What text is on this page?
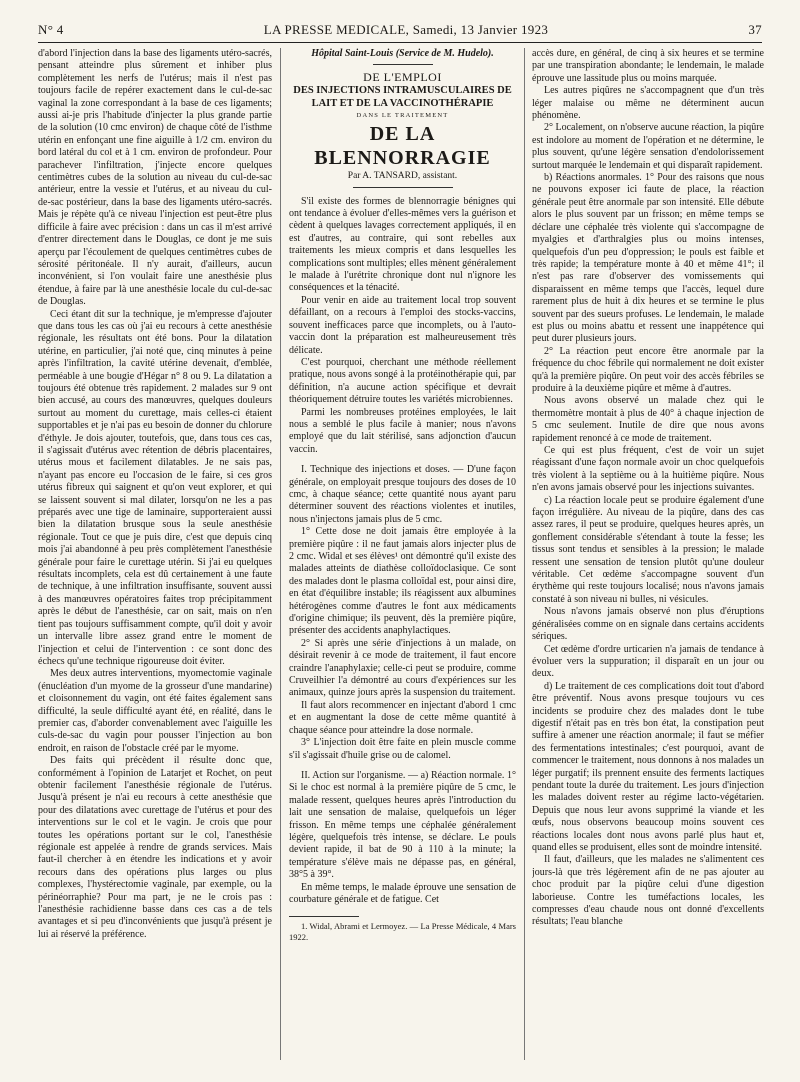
N° 4	LA PRESSE MEDICALE, Samedi, 13 Janvier 1923	37

d'abord l'injection dans la base des ligaments utéro-sacrés, pensant atteindre plus sûrement et inhiber plus complètement les nerfs de l'utérus; mais il n'est pas toujours facile de repérer exactement dans le cul-de-sac vaginal la zone correspondant à la base de ces ligaments; aussi ai-je pris l'habitude d'injecter la plus grande partie de la solution (10 cmc environ) de chaque côté de l'isthme utérin en enfonçant une fine aiguille à 1/2 cm. environ du bord latéral du col et à 1 cm. environ de profondeur. Pour parachever l'infiltration, j'injecte encore quelques centimètres cubes de la solution au niveau du cul-de-sac antérieur, entre la vessie et l'utérus, et au niveau du cul-de-sac postérieur, dans la base des ligaments utéro-sacrés. Mais je répète qu'à ce niveau l'injection est peut-être plus difficile à faire avec précision : dans un cas il m'est arrivé d'entrer directement dans le Douglas, ce dont je me suis aperçu par l'écoulement de quelques centimètres cubes de sérosité péritonéale. Il n'y aurait, d'ailleurs, aucun inconvénient, si l'on voulait faire une anesthésie plus étendue, à faire par là une anesthésie locale du cul-de-sac de Douglas.

Ceci étant dit sur la technique, je m'empresse d'ajouter que dans tous les cas où j'ai eu recours à cette anesthésie régionale, les résultats ont été bons. Pour la dilatation utérine, en particulier, j'ai noté que, cinq minutes à peine après l'infiltration, la cavité utérine devenait, d'emblée, perméable à une bougie d'Hégar n° 8 ou 9. La dilatation a toujours été obtenue très rapidement. 2 malades sur 9 ont bien accusé, au cours des manœuvres, quelques douleurs surtout au moment du curettage, mais celles-ci étaient supportables et je n'ai pas eu besoin de donner du chlorure d'éthyle. Je dois ajouter, toutefois, que, dans tous ces cas, il s'agissait d'utérus avec rétention de débris placentaires, utérus mous et facilement dilatables. Je ne sais pas, n'ayant pas encore eu l'occasion de le faire, si ces gros utérus fibreux qui saignent et qu'on veut explorer, et qui se laissent souvent si mal dilater, lorsqu'on ne les a pas préparés avec une tige de laminaire, supporteraient aussi bien la dilatation brusque sous la seule anesthésie régionale. Tout ce que je puis dire, c'est que depuis cinq mois j'ai abandonné à peu près complètement l'anesthésie générale pour faire le curettage utérin. Si j'ai eu quelques résultats incomplets, cela est dû certainement à une faute de technique, à une infiltration insuffisante, souvent aussi à des manœuvres opératoires faites trop précipitamment après le début de l'anesthésie, car on sait, mais on n'en tient pas toujours suffisamment compte, qu'il doit y avoir un intervalle libre assez grand entre le moment de l'injection et celui de l'intervention : ce sont donc des échecs qu'une technique rigoureuse doit éviter.

Mes deux autres interventions, myomectomie vaginale (énucléation d'un myome de la grosseur d'une mandarine) et cloisonnement du vagin, ont été faites également sans difficulté, la seule difficulté ayant été, en réalité, dans le premier cas, d'aborder convenablement avec l'aiguille les culs-de-sac du vagin pour pousser l'injection au bon endroit, en raison de l'obstacle créé par le myome.

Des faits qui précèdent il résulte donc que, conformément à l'opinion de Latarjet et Rochet, on peut obtenir facilement l'anesthésie régionale de l'utérus. Jusqu'à présent je n'ai eu recours à cette anesthésie que pour des dilatations avec curettage de l'utérus et pour des interventions sur le col et le vagin. Je crois que pour toutes les opérations portant sur le col, l'anesthésie régionale est appelée à rendre de grands services. Mais faut-il chercher à en étendre les indications et y avoir recours dans des opérations plus larges ou plus complexes, l'hystérectomie vaginale, par exemple, ou la périnéorraphie? Pour ma part, je ne le crois pas : l'anesthésie rachidienne basse dans ces cas a de tels avantages et si peu d'inconvénients que jusqu'à présent je lui ai réservé la préférence.

Hôpital Saint-Louis (Service de M. Hudelo).

DE L'EMPLOI

DES INJECTIONS INTRAMUSCULAIRES DE LAIT ET DE LA VACCINOTHÉRAPIE

DANS LE TRAITEMENT

DE LA BLENNORRAGIE

Par A. TANSARD, assistant.

S'il existe des formes de blennorragie bénignes qui ont tendance à évoluer d'elles-mêmes vers la guérison et cèdent à quelques lavages correctement appliqués, il en est d'autres, au contraire, qui sont rebelles aux traitements les mieux compris et dans lesquelles les complications sont multiples; elles mènent généralement le malade à l'urétrite chronique dont nul n'ignore les conséquences et la ténacité.

Pour venir en aide au traitement local trop souvent défaillant, on a recours à l'emploi des stocks-vaccins, souvent inefficaces parce que incomplets, ou à l'auto-vaccin dont la préparation est malheureusement très délicate.

C'est pourquoi, cherchant une méthode réellement pratique, nous avons songé à la protéinothérapie qui, par définition, n'a aucune action spécifique et devrait théoriquement détruire toutes les variétés microbiennes.

Parmi les nombreuses protéines employées, le lait nous a semblé le plus facile à manier; nous n'avons employé que du lait stérilisé, sans adjonction d'aucun vaccin.

I. Technique des injections et doses. — D'une façon générale, on employait presque toujours des doses de 10 cmc, à chaque séance; cette quantité nous ayant paru déterminer souvent des réactions violentes et inutiles, nous n'injectons jamais plus de 5 cmc.

1° Cette dose ne doit jamais être employée à la première piqûre : il ne faut jamais alors injecter plus de 2 cmc. Widal et ses élèves¹ ont démontré qu'il existe des malades atteints de diathèse colloïdoclasique. Ce sont des malades dont le plasma colloïdal est, pour ainsi dire, en état d'équilibre instable; ils réagissent aux albumines hétérogènes comme d'autres le font aux médicaments d'origine chimique; ils peuvent, dès la première piqûre, présenter des accidents anaphylactiques.

2° Si après une série d'injections à un malade, on désirait revenir à ce mode de traitement, il faut encore craindre l'anaphylaxie; celle-ci peut se produire, comme Cruveilhier l'a démontré au cours d'expériences sur les animaux, quinze jours après la suspension du traitement.

Il faut alors recommencer en injectant d'abord 1 cmc et en augmentant la dose de cette même quantité à chaque séance pour atteindre la dose normale.

3° L'injection doit être faite en plein muscle comme s'il s'agissait d'huile grise ou de calomel.

II. Action sur l'organisme. — a) Réaction normale. 1° Si le choc est normal à la première piqûre de 5 cmc, le malade ressent, quelques heures après l'introduction du lait une sensation de malaise, quelquefois un léger frisson. En même temps une céphalée généralement légère, quelquefois très intense, se déclare. Le pouls devient rapide, il bat de 90 à 110 à la minute; la température s'élève mais ne dépasse pas, en général, 38°5 à 39°.

En même temps, le malade éprouve une sensation de courbature générale et de fatigue. Cet

1. Widal, Abrami et Lermoyez. — La Presse Médicale, 4 Mars 1922.

accès dure, en général, de cinq à six heures et se termine par une transpiration abondante; le lendemain, le malade éprouve une lassitude plus ou moins marquée.

Les autres piqûres ne s'accompagnent que d'un très léger malaise ou même ne déterminent aucun phénomène.

2° Localement, on n'observe aucune réaction, la piqûre est indolore au moment de l'opération et ne détermine, le plus souvent, qu'une légère sensation d'endolorissement surtout marquée le lendemain et qui disparaît rapidement.

b) Réactions anormales. 1° Pour des raisons que nous ne pouvons exposer ici faute de place, la réaction générale peut être anormale par son intensité. Elle débute alors le plus souvent par un frisson; en même temps se déclare une céphalée très violente qui s'accompagne de myalgies et d'arthralgies plus ou moins intenses, quelquefois d'un peu d'oppression; le pouls est faible et très rapide; la température monte à 40 et même 41°; il n'est pas rare d'observer des vomissements qui disparaissent en même temps que l'accès, lequel dure rarement plus de huit à dix heures et se termine le plus souvent par des sueurs profuses. Le lendemain, le malade est plus ou moins abattu et ressent une inappétence qui peut durer plusieurs jours.

2° La réaction peut encore être anormale par la fréquence du choc fébrile qui normalement ne doit exister qu'à la première piqûre. On peut voir des accès fébriles se produire à la deuxième piqûre et même à d'autres.

Nous avons observé un malade chez qui le thermomètre montait à plus de 40° à chaque injection de 5 cmc seulement. Inutile de dire que nous avons rapidement renoncé à ce mode de traitement.

Ce qui est plus fréquent, c'est de voir un sujet réagissant d'une façon normale avoir un choc quelquefois très violent à la septième ou à la huitième piqûre. Nous n'en avons jamais observé pour les injections suivantes.

c) La réaction locale peut se produire également d'une façon irrégulière. Au niveau de la piqûre, dans des cas assez rares, il peut se produire, quelques heures après, un gonflement considérable s'étendant à toute la fesse; les tissus sont tendus et sensibles à la pression; le malade ressent une sensation de tension plutôt qu'une douleur véritable. Cet œdème s'accompagne souvent d'un érythème qui reste toujours localisé; nous n'avons jamais constaté à son niveau ni bulles, ni vésicules.

Nous n'avons jamais observé non plus d'éruptions généralisées comme on en signale dans certains accidents sériques.

Cet œdème d'ordre urticarien n'a jamais de tendance à évoluer vers la suppuration; il disparaît en un jour ou deux.

d) Le traitement de ces complications doit tout d'abord être préventif. Nous avons presque toujours vu ces incidents se produire chez des malades dont le tube digestif n'était pas en très bon état, la constipation peut suffire à amener une réaction anormale; il faut se méfier des fermentations intestinales; c'est pourquoi, avant de commencer le traitement, nous donnons à nos malades un léger purgatif; ils prennent ensuite des ferments lactiques pendant toute la durée du traitement. Les jours d'injection les malades doivent rester au régime lacto-végétarien. Depuis que nous leur avons supprimé la viande et les œufs, nous observons beaucoup moins souvent ces réactions locales dont nous avons parlé plus haut et, quand elles se produisent, elles sont de moindre intensité.

Il faut, d'ailleurs, que les malades ne s'alimentent ces jours-là que très légèrement afin de ne pas ajouter au choc produit par la piqûre celui d'une digestion laborieuse. Contre les tuméfactions locales, les compresses d'eau chaude nous ont donné d'excellents résultats; l'eau blanche
